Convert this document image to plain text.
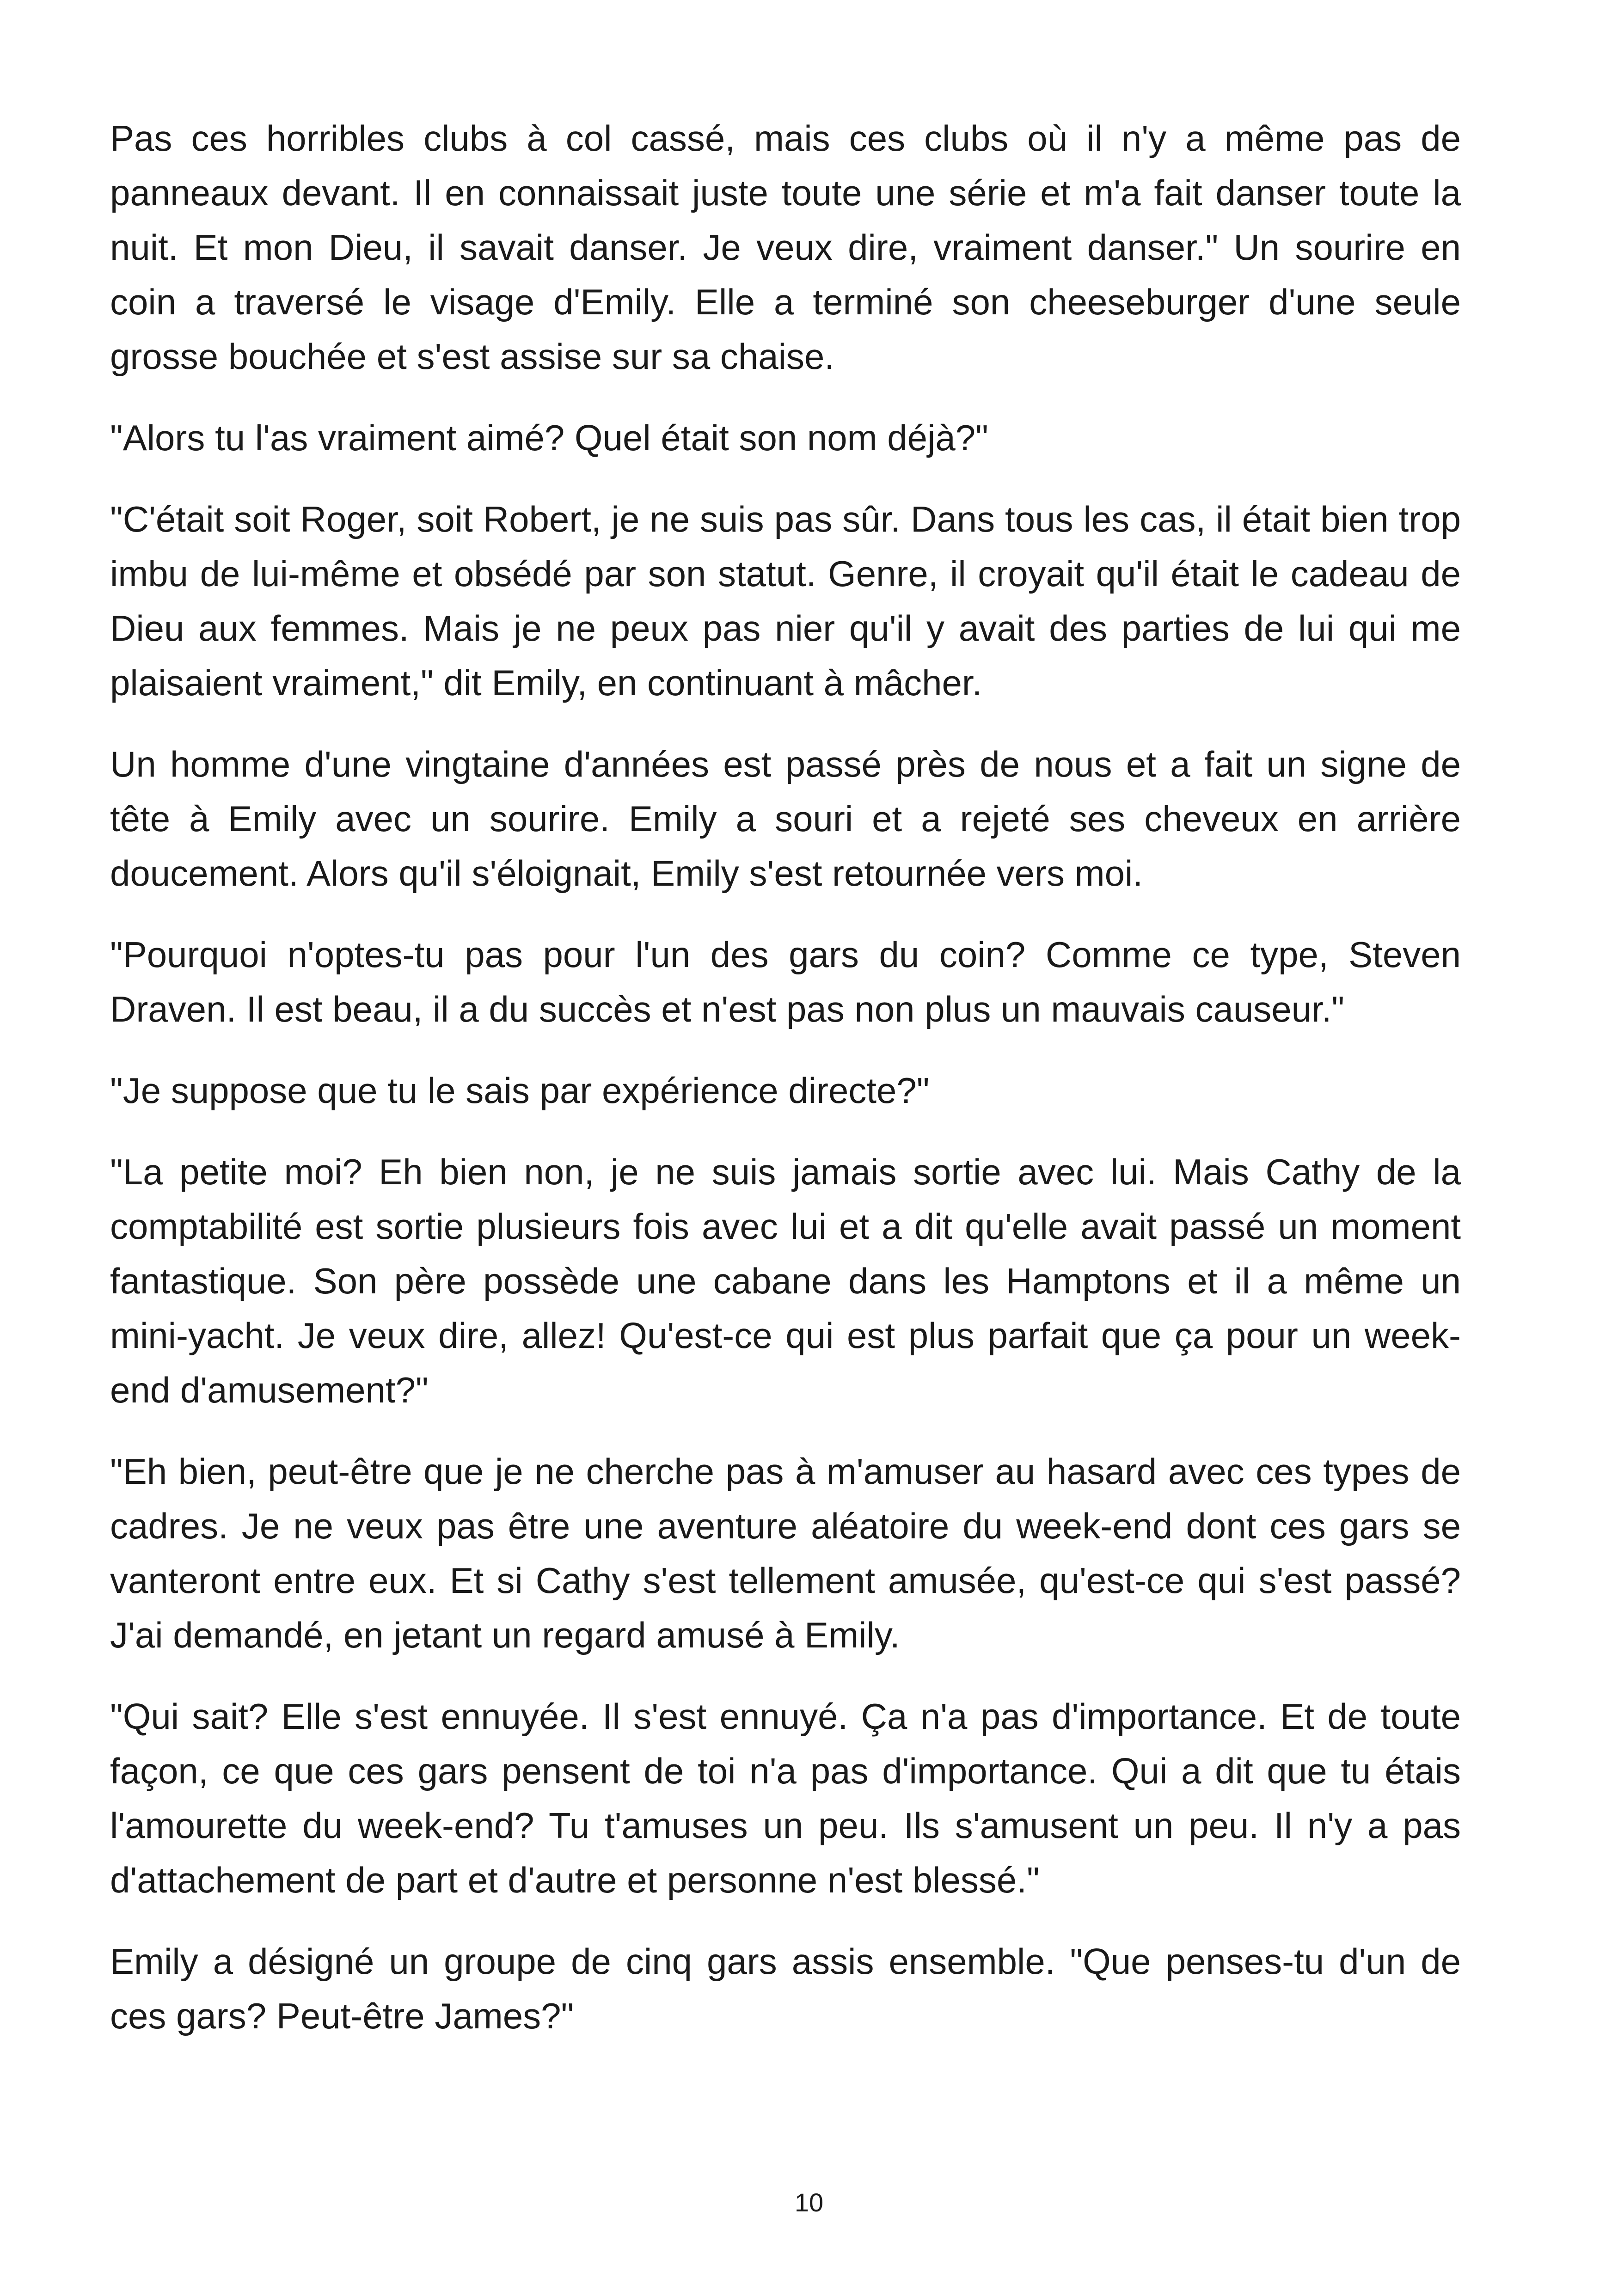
Pas ces horribles clubs à col cassé, mais ces clubs où il n'y a même pas de panneaux devant. Il en connaissait juste toute une série et m'a fait danser toute la nuit. Et mon Dieu, il savait danser. Je veux dire, vraiment danser." Un sourire en coin a traversé le visage d'Emily. Elle a terminé son cheeseburger d'une seule grosse bouchée et s'est assise sur sa chaise.

"Alors tu l'as vraiment aimé? Quel était son nom déjà?"

"C'était soit Roger, soit Robert, je ne suis pas sûr. Dans tous les cas, il était bien trop imbu de lui-même et obsédé par son statut. Genre, il croyait qu'il était le cadeau de Dieu aux femmes. Mais je ne peux pas nier qu'il y avait des parties de lui qui me plaisaient vraiment," dit Emily, en continuant à mâcher.

Un homme d'une vingtaine d'années est passé près de nous et a fait un signe de tête à Emily avec un sourire. Emily a souri et a rejeté ses cheveux en arrière doucement. Alors qu'il s'éloignait, Emily s'est retournée vers moi.

"Pourquoi n'optes-tu pas pour l'un des gars du coin? Comme ce type, Steven Draven. Il est beau, il a du succès et n'est pas non plus un mauvais causeur."

"Je suppose que tu le sais par expérience directe?"

"La petite moi? Eh bien non, je ne suis jamais sortie avec lui. Mais Cathy de la comptabilité est sortie plusieurs fois avec lui et a dit qu'elle avait passé un moment fantastique. Son père possède une cabane dans les Hamptons et il a même un mini-yacht. Je veux dire, allez! Qu'est-ce qui est plus parfait que ça pour un week-end d'amusement?"

"Eh bien, peut-être que je ne cherche pas à m'amuser au hasard avec ces types de cadres. Je ne veux pas être une aventure aléatoire du week-end dont ces gars se vanteront entre eux. Et si Cathy s'est tellement amusée, qu'est-ce qui s'est passé? J'ai demandé, en jetant un regard amusé à Emily.

"Qui sait? Elle s'est ennuyée. Il s'est ennuyé. Ça n'a pas d'importance. Et de toute façon, ce que ces gars pensent de toi n'a pas d'importance. Qui a dit que tu étais l'amourette du week-end? Tu t'amuses un peu. Ils s'amusent un peu. Il n'y a pas d'attachement de part et d'autre et personne n'est blessé."

Emily a désigné un groupe de cinq gars assis ensemble. "Que penses-tu d'un de ces gars? Peut-être James?"

10
